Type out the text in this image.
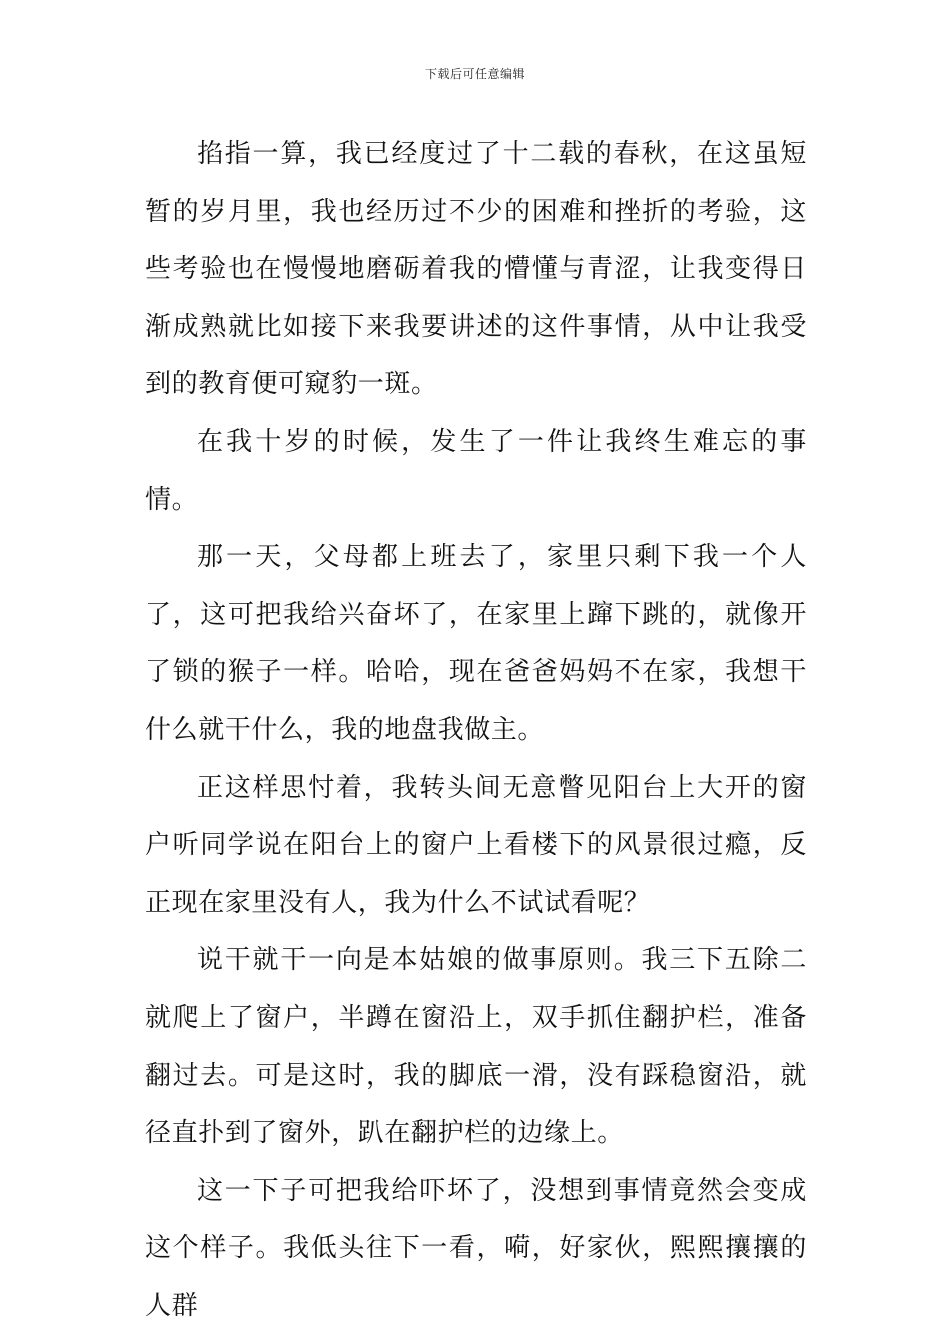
下载后可任意编辑

掐指一算，我已经度过了十二载的春秋，在这虽短暂的岁月里，我也经历过不少的困难和挫折的考验，这些考验也在慢慢地磨砺着我的懵懂与青涩，让我变得日渐成熟就比如接下来我要讲述的这件事情，从中让我受到的教育便可窥豹一斑。

在我十岁的时候，发生了一件让我终生难忘的事情。

那一天，父母都上班去了，家里只剩下我一个人了，这可把我给兴奋坏了，在家里上蹿下跳的，就像开了锁的猴子一样。哈哈，现在爸爸妈妈不在家，我想干什么就干什么，我的地盘我做主。

正这样思忖着，我转头间无意瞥见阳台上大开的窗户听同学说在阳台上的窗户上看楼下的风景很过瘾，反正现在家里没有人，我为什么不试试看呢？

说干就干一向是本姑娘的做事原则。我三下五除二就爬上了窗户，半蹲在窗沿上，双手抓住翻护栏，准备翻过去。可是这时，我的脚底一滑，没有踩稳窗沿，就径直扑到了窗外，趴在翻护栏的边缘上。

这一下子可把我给吓坏了，没想到事情竟然会变成这个样子。我低头往下一看，嗬，好家伙，熙熙攘攘的人群
